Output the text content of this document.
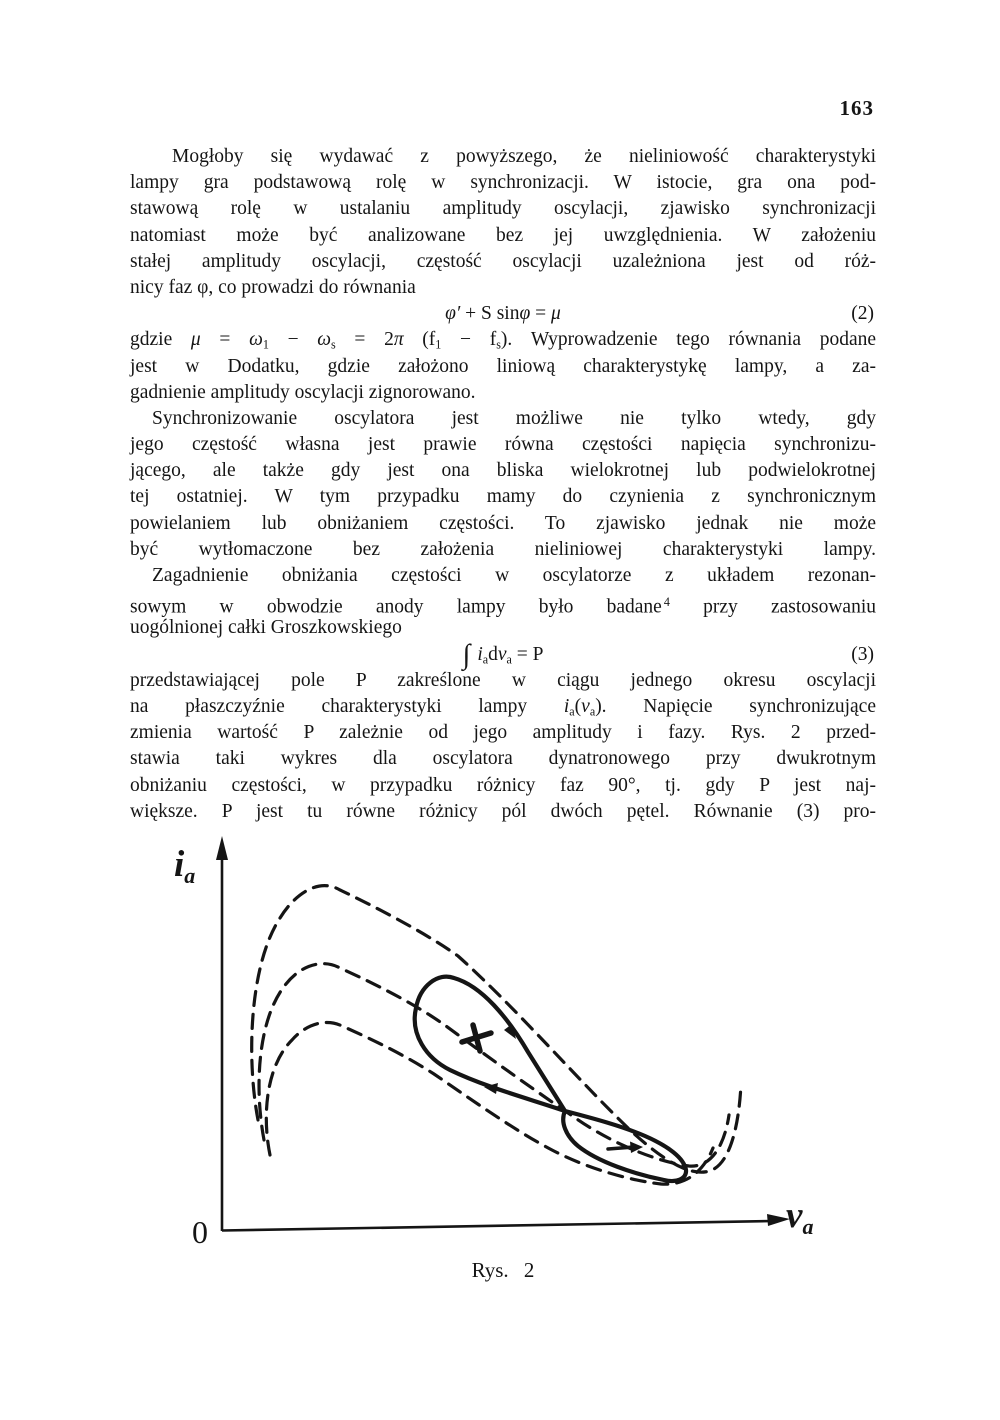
163
Mogłoby się wydawać z powyższego, że nieliniowość charakterystyki
lampy gra podstawową rolę w synchronizacji. W istocie, gra ona pod-
stawową rolę w ustalaniu amplitudy oscylacji, zjawisko synchronizacji
natomiast może być analizowane bez jej uwzględnienia. W założeniu
stałej amplitudy oscylacji, częstość oscylacji uzależniona jest od róż-
nicy faz φ, co prowadzi do równania
φ′ + S sinφ = μ	(2)
gdzie μ = ω1 − ωs = 2π (f1 − fs). Wyprowadzenie tego równania podane
jest w Dodatku, gdzie założono liniową charakterystykę lampy, a za-
gadnienie amplitudy oscylacji zignorowano.
Synchronizowanie oscylatora jest możliwe nie tylko wtedy, gdy
jego częstość własna jest prawie równa częstości napięcia synchronizu-
jącego, ale także gdy jest ona bliska wielokrotnej lub podwielokrotnej
tej ostatniej. W tym przypadku mamy do czynienia z synchronicznym
powielaniem lub obniżaniem częstości. To zjawisko jednak nie może
być wytłomaczone bez założenia nieliniowej charakterystyki lampy.
Zagadnienie obniżania częstości w oscylatorze z układem rezonan-
sowym w obwodzie anody lampy było badane $^4$ przy zastosowaniu
uogólnionej całki Groszkowskiego
∫ iadva = P	(3)
przedstawiającej pole P zakreślone w ciągu jednego okresu oscylacji
na płaszczyźnie charakterystyki lampy ia(va). Napięcie synchronizujące
zmienia wartość P zależnie od jego amplitudy i fazy. Rys. 2 przed-
stawia taki wykres dla oscylatora dynatronowego przy dwukrotnym
obniżaniu częstości, w przypadku różnicy faz 90°, tj. gdy P jest naj-
większe. P jest tu równe różnicy pól dwóch pętel. Równanie (3) pro-
ia
va
0
Rys. 2
